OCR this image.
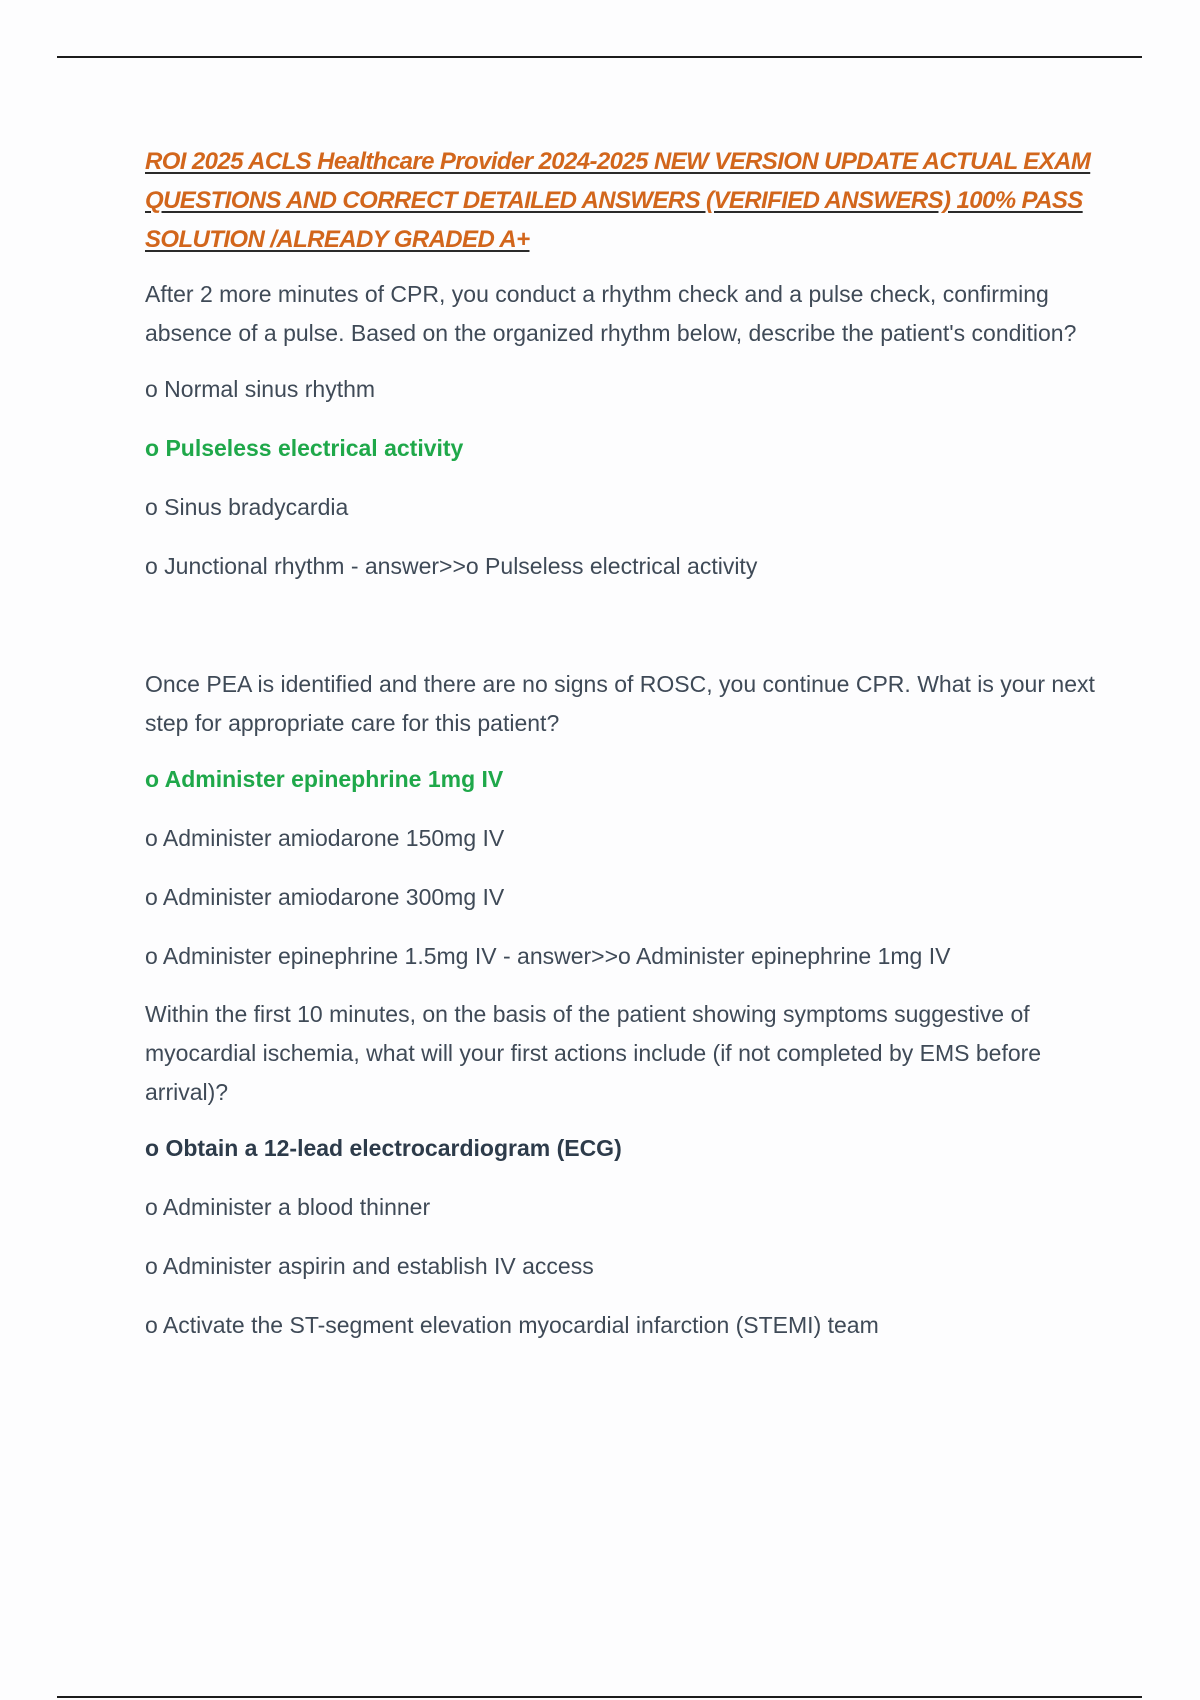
ROI 2025 ACLS Healthcare Provider 2024-2025 NEW VERSION UPDATE ACTUAL EXAM QUESTIONS AND CORRECT DETAILED ANSWERS (VERIFIED ANSWERS) 100% PASS SOLUTION /ALREADY GRADED A+

After 2 more minutes of CPR, you conduct a rhythm check and a pulse check, confirming absence of a pulse. Based on the organized rhythm below, describe the patient's condition?

o Normal sinus rhythm

o Pulseless electrical activity

o Sinus bradycardia

o Junctional rhythm - answer>>o Pulseless electrical activity

Once PEA is identified and there are no signs of ROSC, you continue CPR. What is your next step for appropriate care for this patient?

o Administer epinephrine 1mg IV

o Administer amiodarone 150mg IV

o Administer amiodarone 300mg IV

o Administer epinephrine 1.5mg IV - answer>>o Administer epinephrine 1mg IV

Within the first 10 minutes, on the basis of the patient showing symptoms suggestive of myocardial ischemia, what will your first actions include (if not completed by EMS before arrival)?

o Obtain a 12-lead electrocardiogram (ECG)

o Administer a blood thinner

o Administer aspirin and establish IV access

o Activate the ST-segment elevation myocardial infarction (STEMI) team
